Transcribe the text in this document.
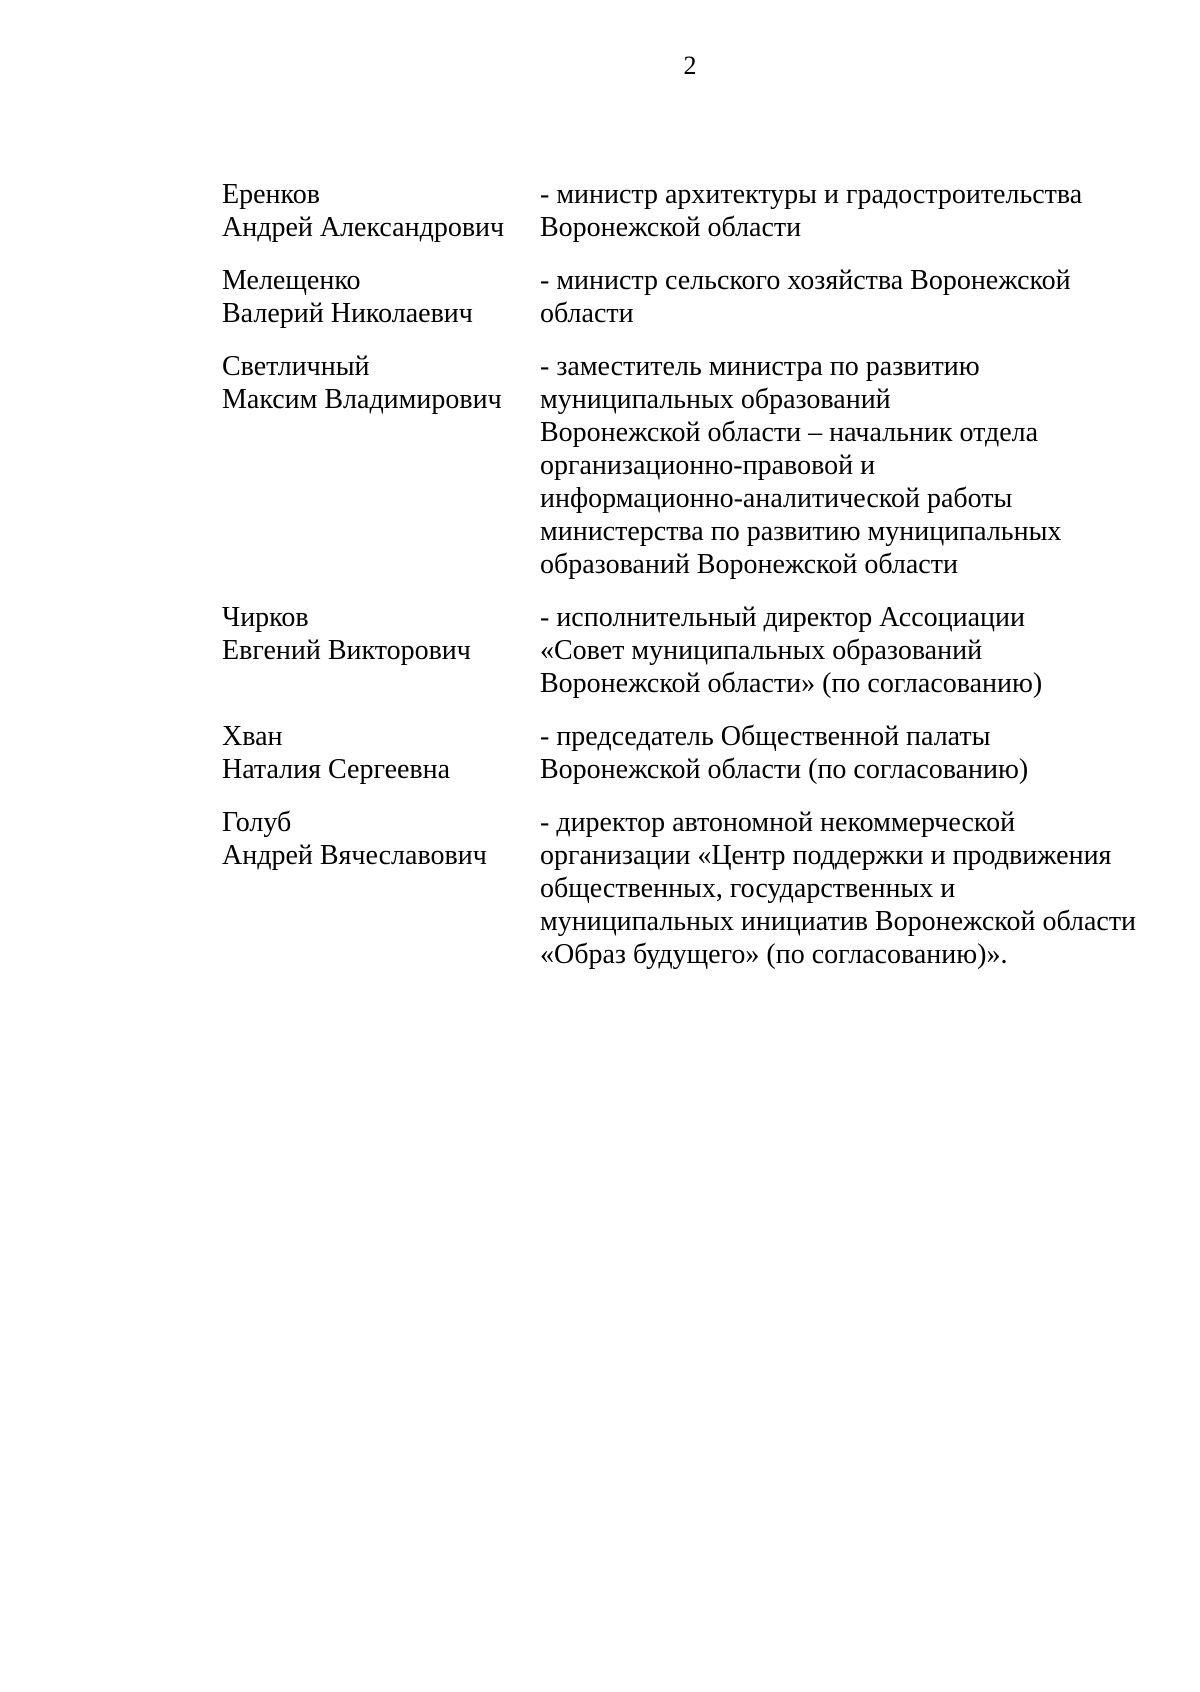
2
Еренков
Андрей Александрович
- министр архитектуры и градостроительства
Воронежской области
Мелещенко
Валерий Николаевич
- министр сельского хозяйства Воронежской
области
Светличный
Максим Владимирович
- заместитель министра по развитию
муниципальных образований
Воронежской области – начальник отдела
организационно-правовой и
информационно-аналитической работы
министерства по развитию муниципальных
образований Воронежской области
Чирков
Евгений Викторович
- исполнительный директор Ассоциации
«Совет муниципальных образований
Воронежской области» (по согласованию)
Хван
Наталия Сергеевна
- председатель Общественной палаты
Воронежской области (по согласованию)
Голуб
Андрей Вячеславович
- директор автономной некоммерческой
организации «Центр поддержки и продвижения
общественных, государственных и
муниципальных инициатив Воронежской области
«Образ будущего» (по согласованию)».
